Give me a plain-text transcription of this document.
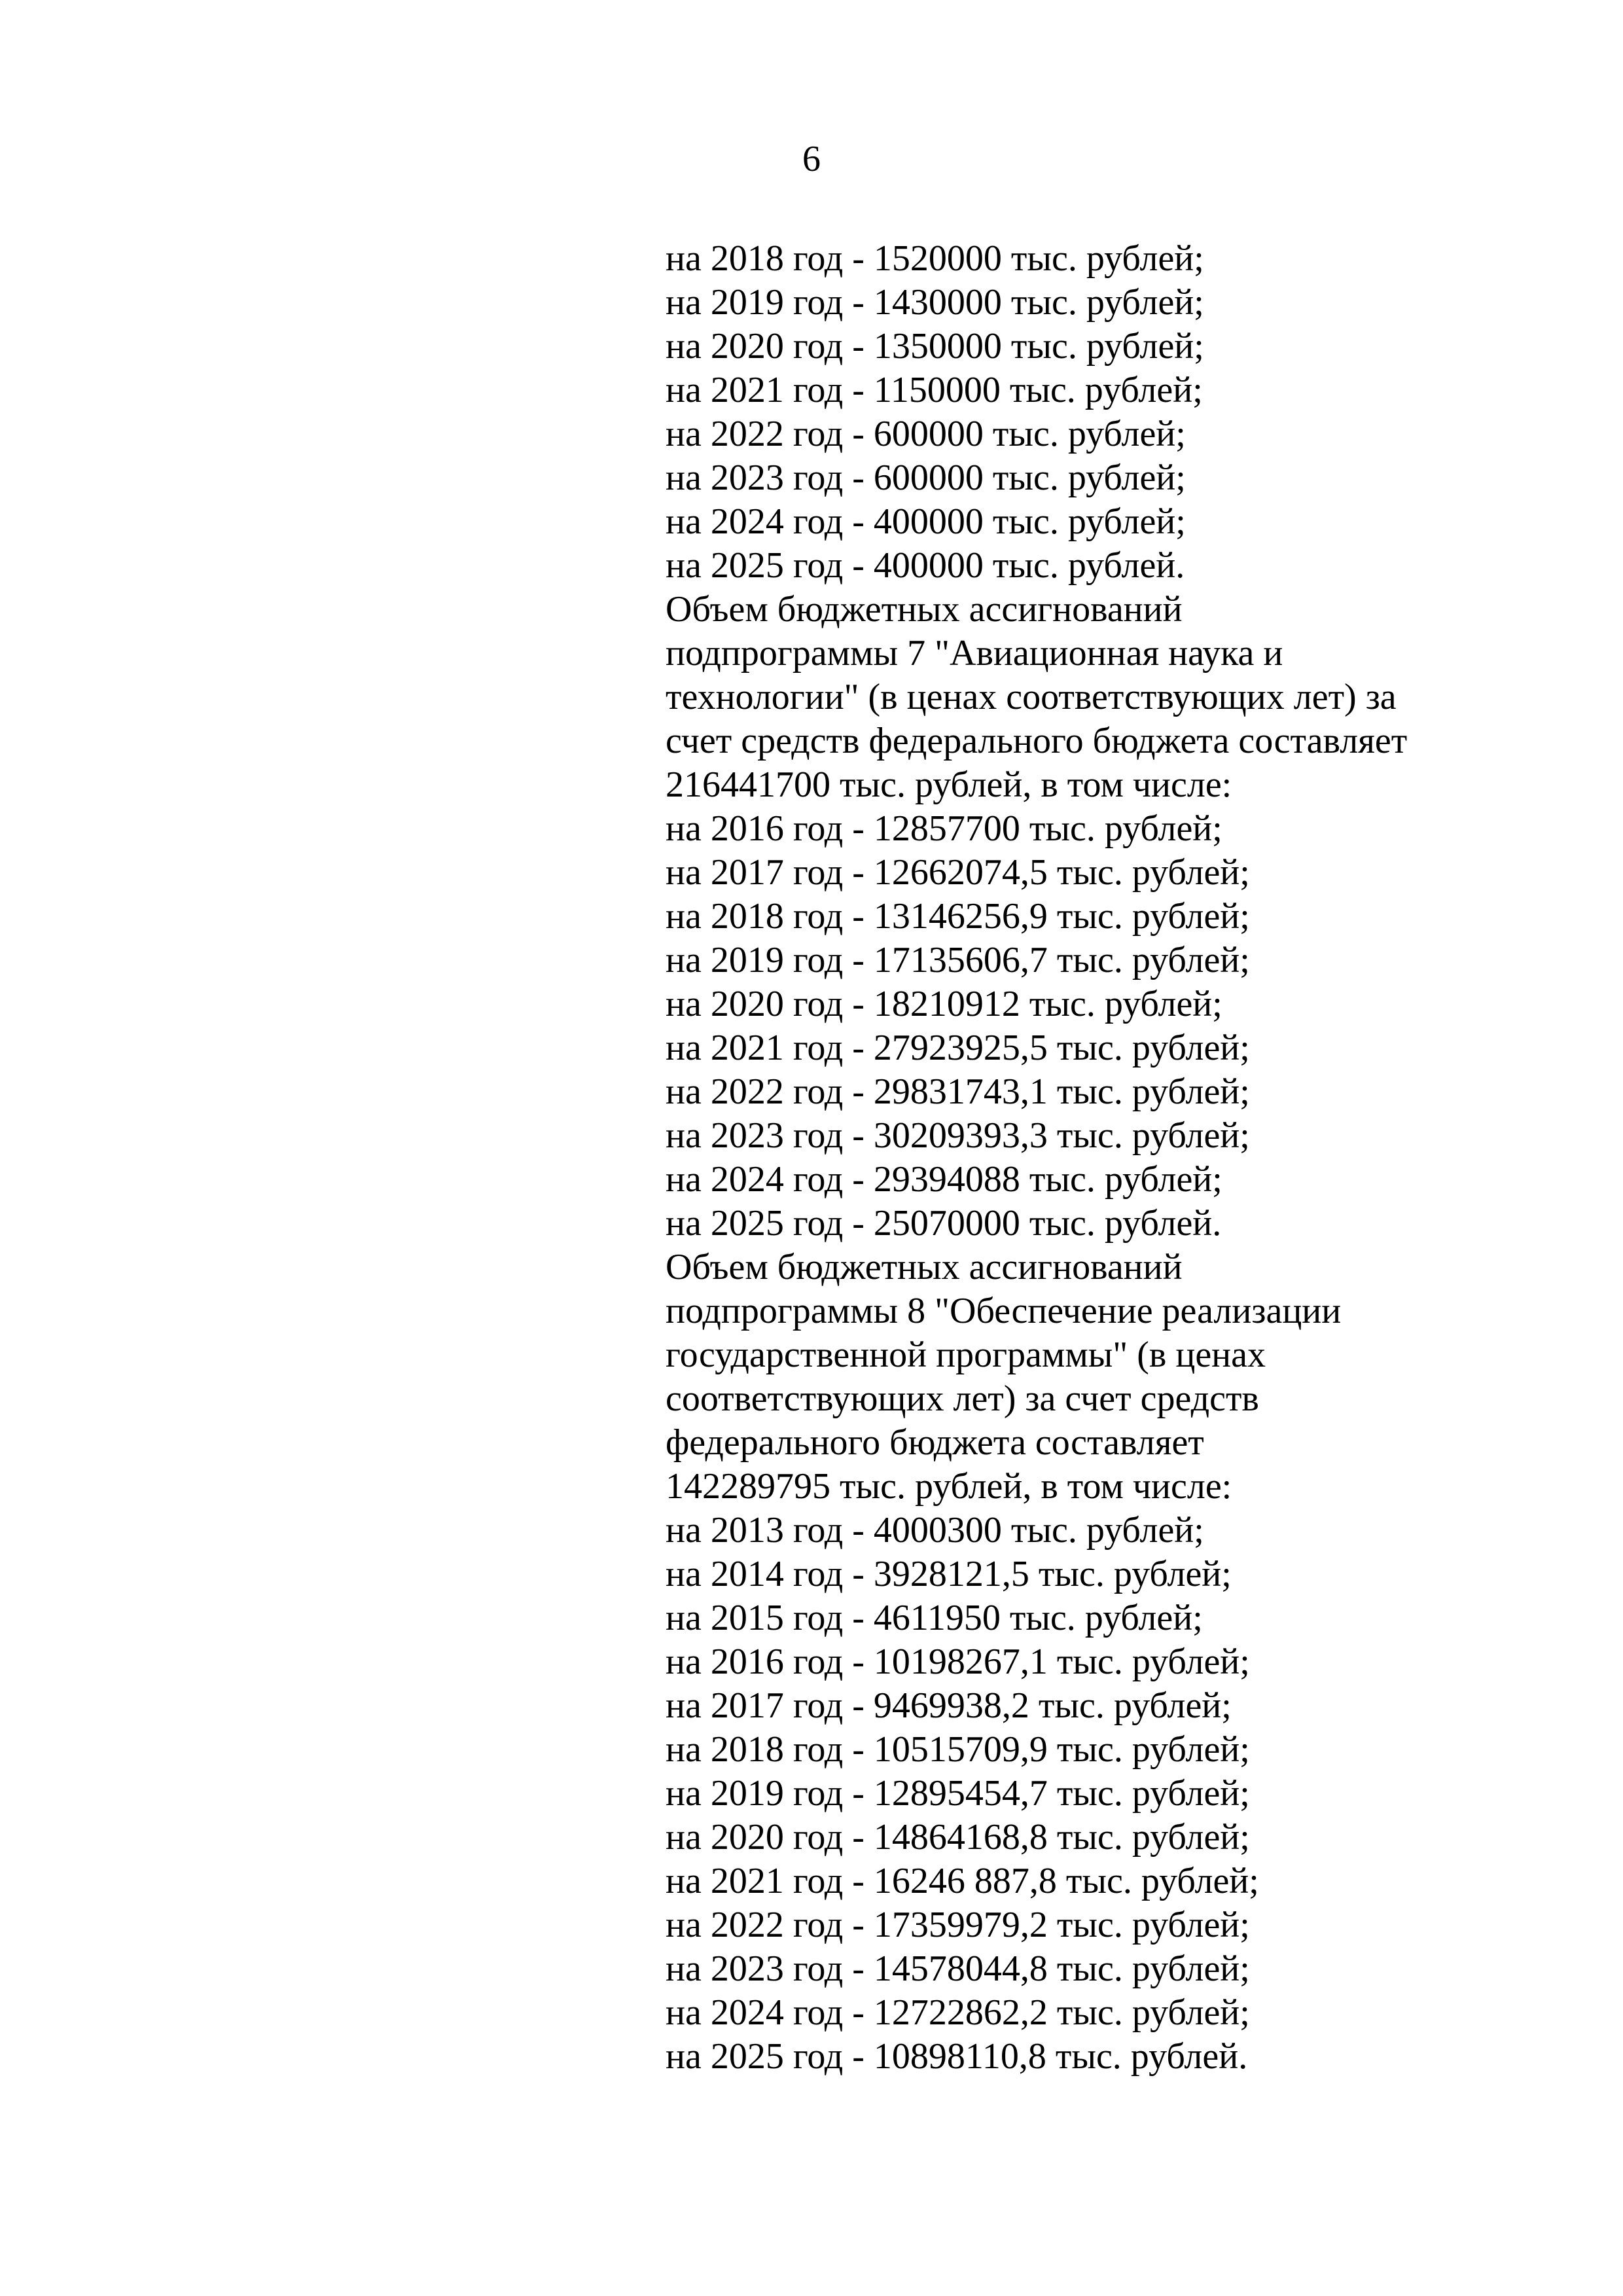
6
на 2018 год - 1520000 тыс. рублей;
на 2019 год - 1430000 тыс. рублей;
на 2020 год - 1350000 тыс. рублей;
на 2021 год - 1150000 тыс. рублей;
на 2022 год - 600000 тыс. рублей;
на 2023 год - 600000 тыс. рублей;
на 2024 год - 400000 тыс. рублей;
на 2025 год - 400000 тыс. рублей.
Объем бюджетных ассигнований
подпрограммы 7 "Авиационная наука и
технологии" (в ценах соответствующих лет) за
счет средств федерального бюджета составляет
216441700 тыс. рублей, в том числе:
на 2016 год - 12857700 тыс. рублей;
на 2017 год - 12662074,5 тыс. рублей;
на 2018 год - 13146256,9 тыс. рублей;
на 2019 год - 17135606,7 тыс. рублей;
на 2020 год - 18210912 тыс. рублей;
на 2021 год - 27923925,5 тыс. рублей;
на 2022 год - 29831743,1 тыс. рублей;
на 2023 год - 30209393,3 тыс. рублей;
на 2024 год - 29394088 тыс. рублей;
на 2025 год - 25070000 тыс. рублей.
Объем бюджетных ассигнований
подпрограммы 8 "Обеспечение реализации
государственной программы" (в ценах
соответствующих лет) за счет средств
федерального бюджета составляет
142289795 тыс. рублей, в том числе:
на 2013 год - 4000300 тыс. рублей;
на 2014 год - 3928121,5 тыс. рублей;
на 2015 год - 4611950 тыс. рублей;
на 2016 год - 10198267,1 тыс. рублей;
на 2017 год - 9469938,2 тыс. рублей;
на 2018 год - 10515709,9 тыс. рублей;
на 2019 год - 12895454,7 тыс. рублей;
на 2020 год - 14864168,8 тыс. рублей;
на 2021 год - 16246 887,8 тыс. рублей;
на 2022 год - 17359979,2 тыс. рублей;
на 2023 год - 14578044,8 тыс. рублей;
на 2024 год - 12722862,2 тыс. рублей;
на 2025 год - 10898110,8 тыс. рублей.
